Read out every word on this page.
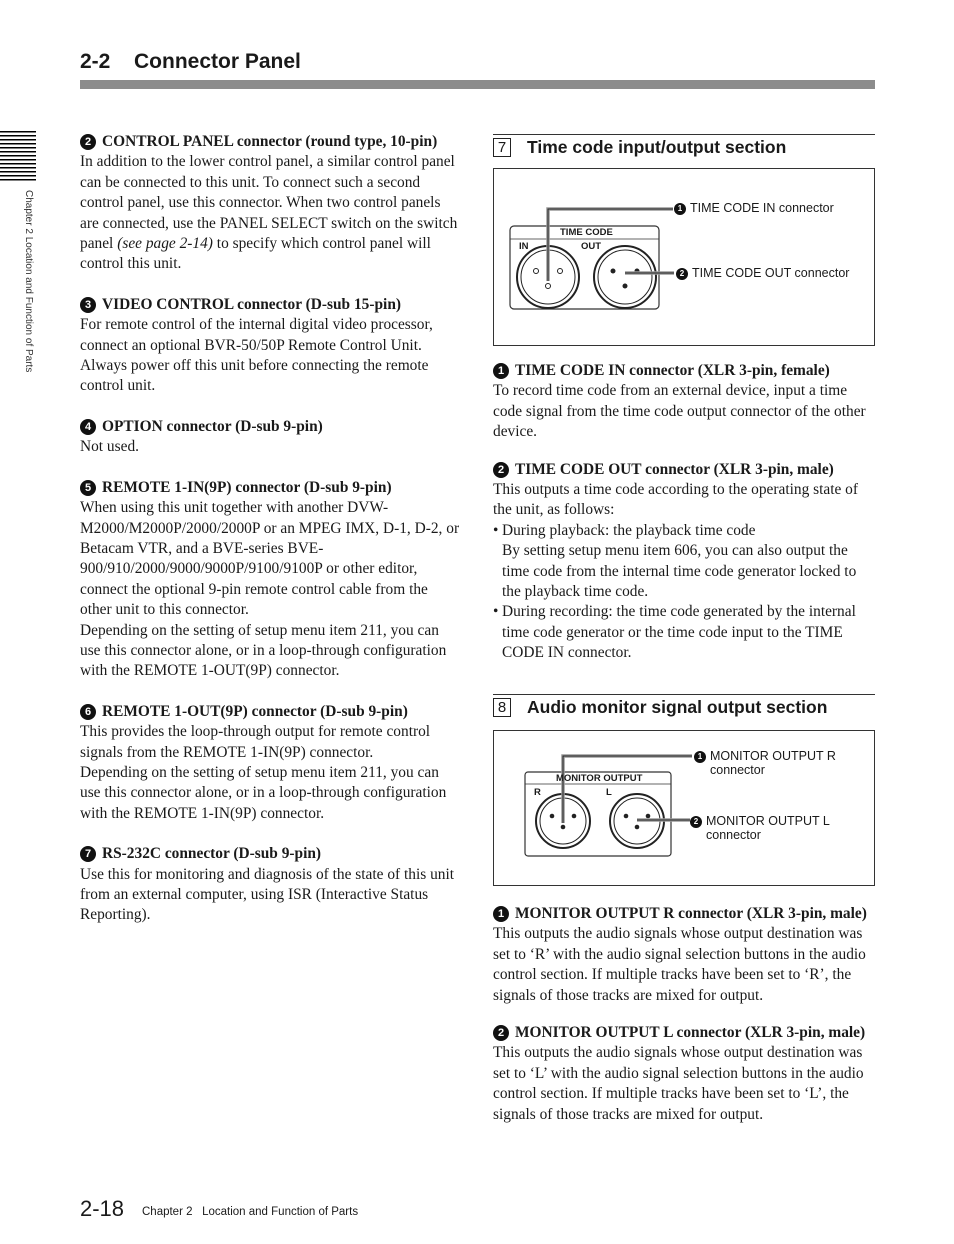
2-2 Connector Panel
Chapter 2 Location and Function of Parts

2 CONTROL PANEL connector (round type, 10-pin)

In addition to the lower control panel, a similar control panel can be connected to this unit. To connect such a second control panel, use this connector. When two control panels are connected, use the PANEL SELECT switch on the switch panel (see page 2-14) to specify which control panel will control this unit.

3 VIDEO CONTROL connector (D-sub 15-pin)

For remote control of the internal digital video processor, connect an optional BVR-50/50P Remote Control Unit.

Always power off this unit before connecting the remote control unit.

4 OPTION connector (D-sub 9-pin)

Not used.

5 REMOTE 1-IN(9P) connector (D-sub 9-pin)

When using this unit together with another DVW-M2000/M2000P/2000/2000P or an MPEG IMX, D-1, D-2, or Betacam VTR, and a BVE-series BVE-900/910/2000/9000/9000P/9100/9100P or other editor, connect the optional 9-pin remote control cable from the other unit to this connector.

Depending on the setting of setup menu item 211, you can use this connector alone, or in a loop-through configuration with the REMOTE 1-OUT(9P) connector.

6 REMOTE 1-OUT(9P) connector (D-sub 9-pin)

This provides the loop-through output for remote control signals from the REMOTE 1-IN(9P) connector.

Depending on the setting of setup menu item 211, you can use this connector alone, or in a loop-through configuration with the REMOTE 1-IN(9P) connector.

7 RS-232C connector (D-sub 9-pin)

Use this for monitoring and diagnosis of the state of this unit from an external computer, using ISR (Interactive Status Reporting).

7 Time code input/output section
TIME CODE
IN	OUT
1 TIME CODE IN connector
2 TIME CODE OUT connector

1 TIME CODE IN connector (XLR 3-pin, female)

To record time code from an external device, input a time code signal from the time code output connector of the other device.

2 TIME CODE OUT connector (XLR 3-pin, male)

This outputs a time code according to the operating state of the unit, as follows:

• During playback: the playback time code

By setting setup menu item 606, you can also output the time code from the internal time code generator locked to the playback time code.

• During recording: the time code generated by the internal time code generator or the time code input to the TIME CODE IN connector.

8 Audio monitor signal output section
MONITOR OUTPUT
R	L
1 MONITOR OUTPUT R
connector
2 MONITOR OUTPUT L
connector

1 MONITOR OUTPUT R connector (XLR 3-pin, male)

This outputs the audio signals whose output destination was set to ‘R’ with the audio signal selection buttons in the audio control section. If multiple tracks have been set to ‘R’, the signals of those tracks are mixed for output.

2 MONITOR OUTPUT L connector (XLR 3-pin, male)

This outputs the audio signals whose output destination was set to ‘L’ with the audio signal selection buttons in the audio control section. If multiple tracks have been set to ‘L’, the signals of those tracks are mixed for output.

2-18 Chapter 2   Location and Function of Parts
